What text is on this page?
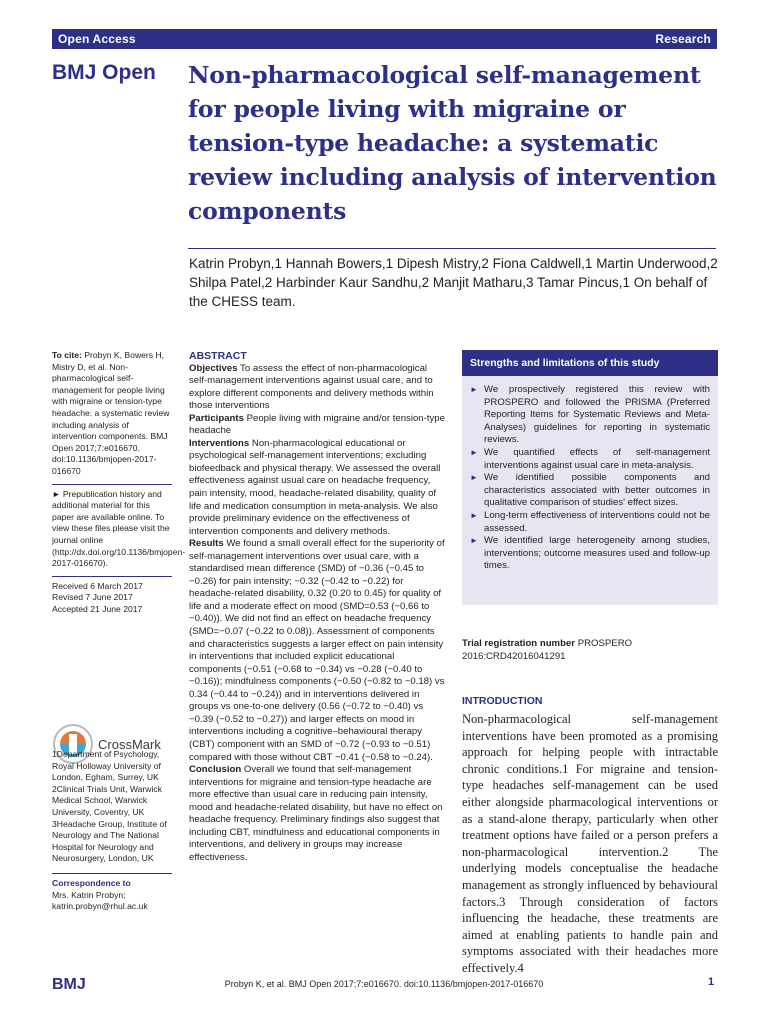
Open Access	Research
BMJ Open Non-pharmacological self-management for people living with migraine or tension-type headache: a systematic review including analysis of intervention components
Katrin Probyn,1 Hannah Bowers,1 Dipesh Mistry,2 Fiona Caldwell,1 Martin Underwood,2 Shilpa Patel,2 Harbinder Kaur Sandhu,2 Manjit Matharu,3 Tamar Pincus,1 On behalf of the CHESS team.

To cite: Probyn K, Bowers H, Mistry D, et al. Non-pharmacological self-management for people living with migraine or tension-type headache: a systematic review including analysis of intervention components. BMJ Open 2017;7:e016670. doi:10.1136/bmjopen-2017-016670

► Prepublication history and additional material for this paper are available online. To view these files please visit the journal online (http://dx.doi.org/10.1136/bmjopen-2017-016670).

Received 6 March 2017
Revised 7 June 2017
Accepted 21 June 2017

CrossMark

1Department of Psychology, Royal Holloway University of London, Egham, Surrey, UK

2Clinical Trials Unit, Warwick Medical School, Warwick University, Coventry, UK

3Headache Group, Institute of Neurology and The National Hospital for Neurology and Neurosurgery, London, UK

Correspondence to
Mrs. Katrin Probyn;
katrin.probyn@rhul.ac.uk

ABSTRACT

Objectives To assess the effect of non-pharmacological self-management interventions against usual care, and to explore different components and delivery methods within those interventions

Participants People living with migraine and/or tension-type headache

Interventions Non-pharmacological educational or psychological self-management interventions; excluding biofeedback and physical therapy. We assessed the overall effectiveness against usual care on headache frequency, pain intensity, mood, headache-related disability, quality of life and medication consumption in meta-analysis. We also provide preliminary evidence on the effectiveness of intervention components and delivery methods.

Results We found a small overall effect for the superiority of self-management interventions over usual care, with a standardised mean difference (SMD) of −0.36 (−0.45 to −0.26) for pain intensity; −0.32 (−0.42 to −0.22) for headache-related disability, 0.32 (0.20 to 0.45) for quality of life and a moderate effect on mood (SMD=0.53 (−0.66 to −0.40)). We did not find an effect on headache frequency (SMD=−0.07 (−0.22 to 0.08)). Assessment of components and characteristics suggests a larger effect on pain intensity in interventions that included explicit educational components (−0.51 (−0.68 to −0.34) vs −0.28 (−0.40 to −0.16)); mindfulness components (−0.50 (−0.82 to −0.18) vs 0.34 (−0.44 to −0.24)) and in interventions delivered in groups vs one-to-one delivery (0.56 (−0.72 to −0.40) vs −0.39 (−0.52 to −0.27)) and larger effects on mood in interventions including a cognitive–behavioural therapy (CBT) component with an SMD of −0.72 (−0.93 to −0.51) compared with those without CBT −0.41 (−0.58 to −0.24).

Conclusion Overall we found that self-management interventions for migraine and tension-type headache are more effective than usual care in reducing pain intensity, mood and headache-related disability, but have no effect on headache frequency. Preliminary findings also suggest that including CBT, mindfulness and educational components in interventions, and delivery in groups may increase effectiveness.

Strengths and limitations of this study
► We prospectively registered this review with PROSPERO and followed the PRISMA (Preferred Reporting Items for Systematic Reviews and Meta-Analyses) guidelines for reporting in systematic reviews.
► We quantified effects of self-management interventions against usual care in meta-analysis.
► We identified possible components and characteristics associated with better outcomes in qualitative comparison of studies' effect sizes.
► Long-term effectiveness of interventions could not be assessed.
► We identified large heterogeneity among studies, interventions; outcome measures used and follow-up times.
Trial registration number PROSPERO 2016:CRD42016041291
INTRODUCTION
Non-pharmacological self-management interventions have been promoted as a promising approach for helping people with intractable chronic conditions.1 For migraine and tension-type headaches self-management can be used either alongside pharmacological interventions or as a stand-alone therapy, particularly when other treatment options have failed or a person prefers a non-pharmacological intervention.2 The underlying models conceptualise the headache management as strongly influenced by behavioural factors.3 Through consideration of factors influencing the headache, these treatments are aimed at enabling patients to handle pain and symptoms associated with their headaches more effectively.4
BMJ	Probyn K, et al. BMJ Open 2017;7:e016670. doi:10.1136/bmjopen-2017-016670	1
